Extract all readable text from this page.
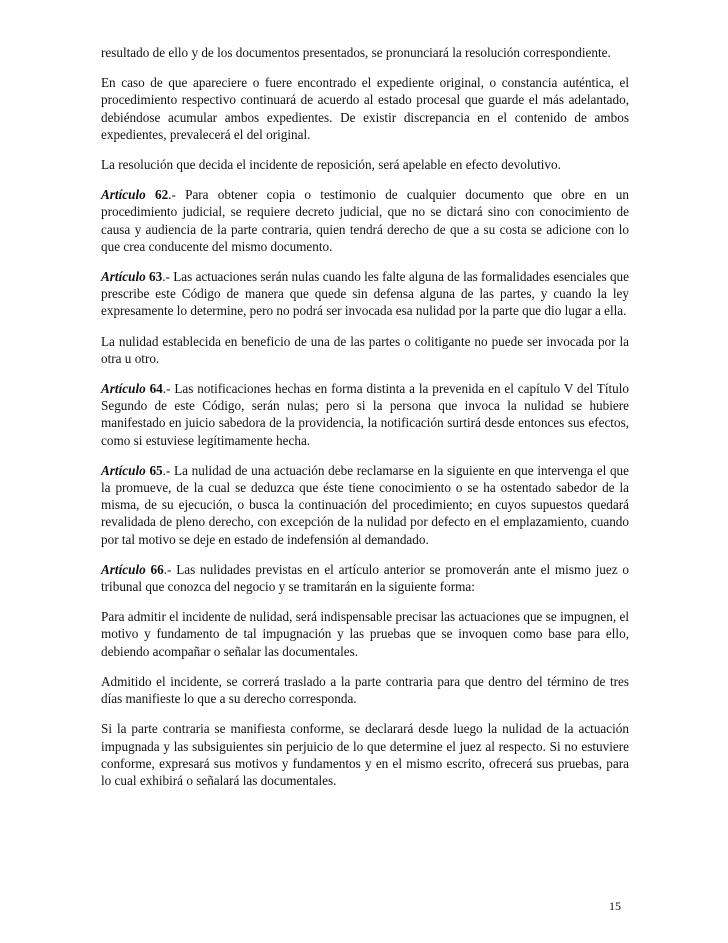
resultado de ello y de los documentos presentados, se pronunciará la resolución correspondiente.

En caso de que apareciere o fuere encontrado el expediente original, o constancia auténtica, el procedimiento respectivo continuará de acuerdo al estado procesal que guarde el más adelantado, debiéndose acumular ambos expedientes. De existir discrepancia en el contenido de ambos expedientes, prevalecerá el del original.

La resolución que decida el incidente de reposición, será apelable en efecto devolutivo.

Artículo 62.- Para obtener copia o testimonio de cualquier documento que obre en un procedimiento judicial, se requiere decreto judicial, que no se dictará sino con conocimiento de causa y audiencia de la parte contraria, quien tendrá derecho de que a su costa se adicione con lo que crea conducente del mismo documento.

Artículo 63.- Las actuaciones serán nulas cuando les falte alguna de las formalidades esenciales que prescribe este Código de manera que quede sin defensa alguna de las partes, y cuando la ley expresamente lo determine, pero no podrá ser invocada esa nulidad por la parte que dio lugar a ella.

La nulidad establecida en beneficio de una de las partes o colitigante no puede ser invocada por la otra u otro.

Artículo 64.- Las notificaciones hechas en forma distinta a la prevenida en el capítulo V del Título Segundo de este Código, serán nulas; pero si la persona que invoca la nulidad se hubiere manifestado en juicio sabedora de la providencia, la notificación surtirá desde entonces sus efectos, como si estuviese legítimamente hecha.

Artículo 65.- La nulidad de una actuación debe reclamarse en la siguiente en que intervenga el que la promueve, de la cual se deduzca que éste tiene conocimiento o se ha ostentado sabedor de la misma, de su ejecución, o busca la continuación del procedimiento; en cuyos supuestos quedará revalidada de pleno derecho, con excepción de la nulidad por defecto en el emplazamiento, cuando por tal motivo se deje en estado de indefensión al demandado.

Artículo 66.- Las nulidades previstas en el artículo anterior se promoverán ante el mismo juez o tribunal que conozca del negocio y se tramitarán en la siguiente forma:

Para admitir el incidente de nulidad, será indispensable precisar las actuaciones que se impugnen, el motivo y fundamento de tal impugnación y las pruebas que se invoquen como base para ello, debiendo acompañar o señalar las documentales.

Admitido el incidente, se correrá traslado a la parte contraria para que dentro del término de tres días manifieste lo que a su derecho corresponda.

Si la parte contraria se manifiesta conforme, se declarará desde luego la nulidad de la actuación impugnada y las subsiguientes sin perjuicio de lo que determine el juez al respecto. Si no estuviere conforme, expresará sus motivos y fundamentos y en el mismo escrito, ofrecerá sus pruebas, para lo cual exhibirá o señalará las documentales.

15
